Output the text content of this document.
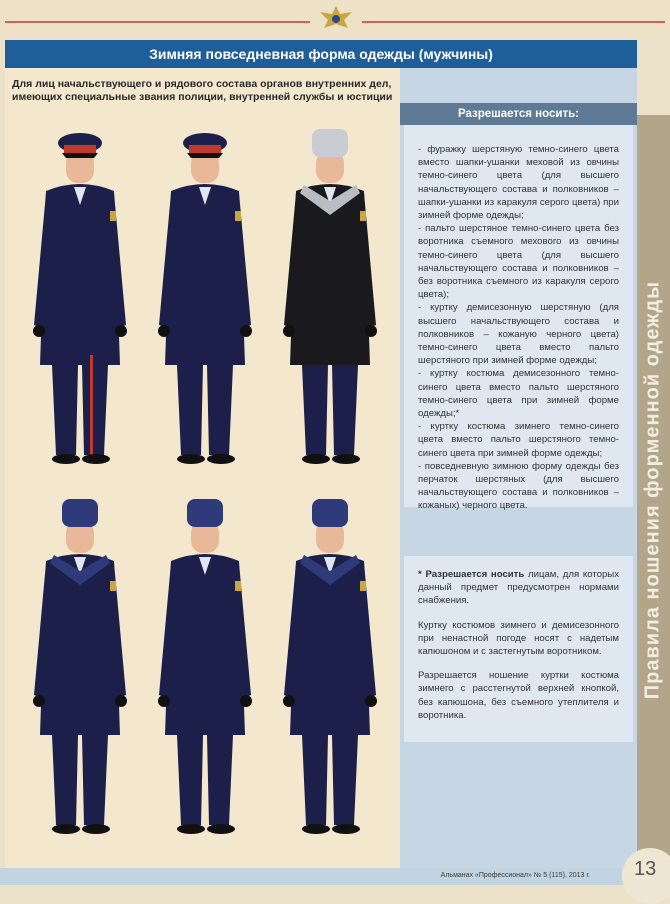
Зимняя повседневная форма одежды (мужчины)
Для лиц начальствующего и рядового состава органов внутренних дел, имеющих специальные звания полиции, внутренней службы и юстиции
Разрешается носить:
- фуражку шерстяную темно-синего цвета вместо шапки-ушанки меховой из овчины темно-синего цвета (для высшего начальствующего состава и полковников – шапки-ушанки из каракуля серого цвета) при зимней форме одежды;
- пальто шерстяное темно-синего цвета без воротника съемного мехового из овчины темно-синего цвета (для высшего начальствующего состава и полковников – без воротника съемного из каракуля серого цвета);
- куртку демисезонную шерстяную (для высшего начальствующего состава и полковников – кожаную черного цвета) темно-синего цвета вместо пальто шерстяного при зимней форме одежды;
- куртку костюма демисезонного темно-синего цвета вместо пальто шерстяного темно-синего цвета при зимней форме одежды;*
- куртку костюма зимнего темно-синего цвета вместо пальто шерстяного темно-синего цвета при зимней форме одежды;
- повседневную зимнюю форму одежды без перчаток шерстяных (для высшего начальствующего состава и полковников – кожаных) черного цвета.

* Разрешается носить лицам, для которых данный предмет предусмотрен нормами снабжения.

Куртку костюмов зимнего и демисезонного при ненастной погоде носят с надетым капюшоном и с застегнутым воротником.

Разрешается ношение куртки костюма зимнего с расстегнутой верхней кнопкой, без капюшона, без съемного утеплителя и воротника.

Правила ношения форменной одежды
Альманах «Профессионал» № 5 (115), 2013 г.	13
